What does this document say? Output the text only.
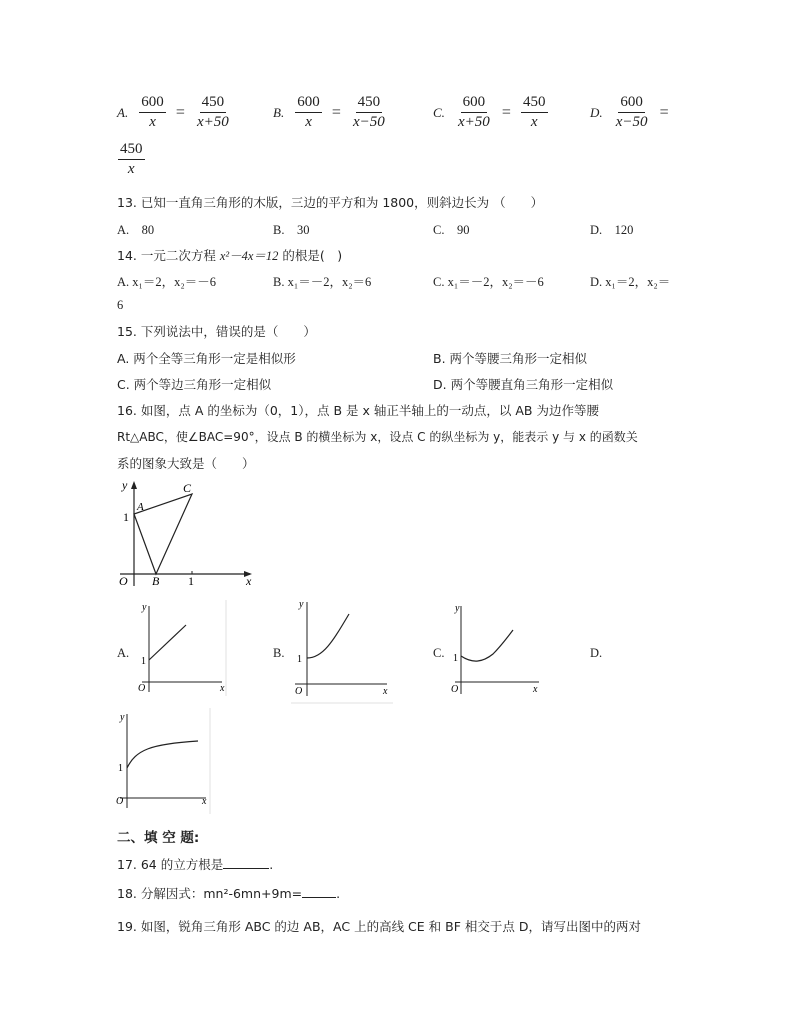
A. $\frac{600}{x} = \frac{450}{x+50}$	B. $\frac{600}{x} = \frac{450}{x-50}$	C. $\frac{600}{x+50} = \frac{450}{x}$	D. $\frac{600}{x-50}$ =
$\frac{450}{x}$
13. 已知一直角三角形的木版，三边的平方和为 1800，则斜边长为 （　　）
A.　80	B.　30	C.　90	D.　120
14. 一元二次方程 x²－4x＝12 的根是(　)
A. x₁＝2，x₂＝－6	B. x₁＝－2，x₂＝6	C. x₁＝－2，x₂＝－6	D. x₁＝2，x₂＝
6
15. 下列说法中，错误的是（　　）
A. 两个全等三角形一定是相似形	B. 两个等腰三角形一定相似
C. 两个等边三角形一定相似	D. 两个等腰直角三角形一定相似
16. 如图，点 A 的坐标为（0，1），点 B 是 x 轴正半轴上的一动点，以 AB 为边作等腰
Rt△ABC，使∠BAC=90°，设点 B 的横坐标为 x，设点 C 的纵坐标为 y，能表示 y 与 x 的函数关
系的图象大致是（　　）
y
1
A
C
O B 1	x
A.	B.	C.	D.
y
1
O	x
y
1
O	x
y
1
O	x
y
1
O	x
二、填 空 题:
17. 64 的立方根是	.
18. 分解因式：mn²-6mn+9m=	.
19. 如图，锐角三角形 ABC 的边 AB，AC 上的高线 CE 和 BF 相交于点 D，请写出图中的两对
